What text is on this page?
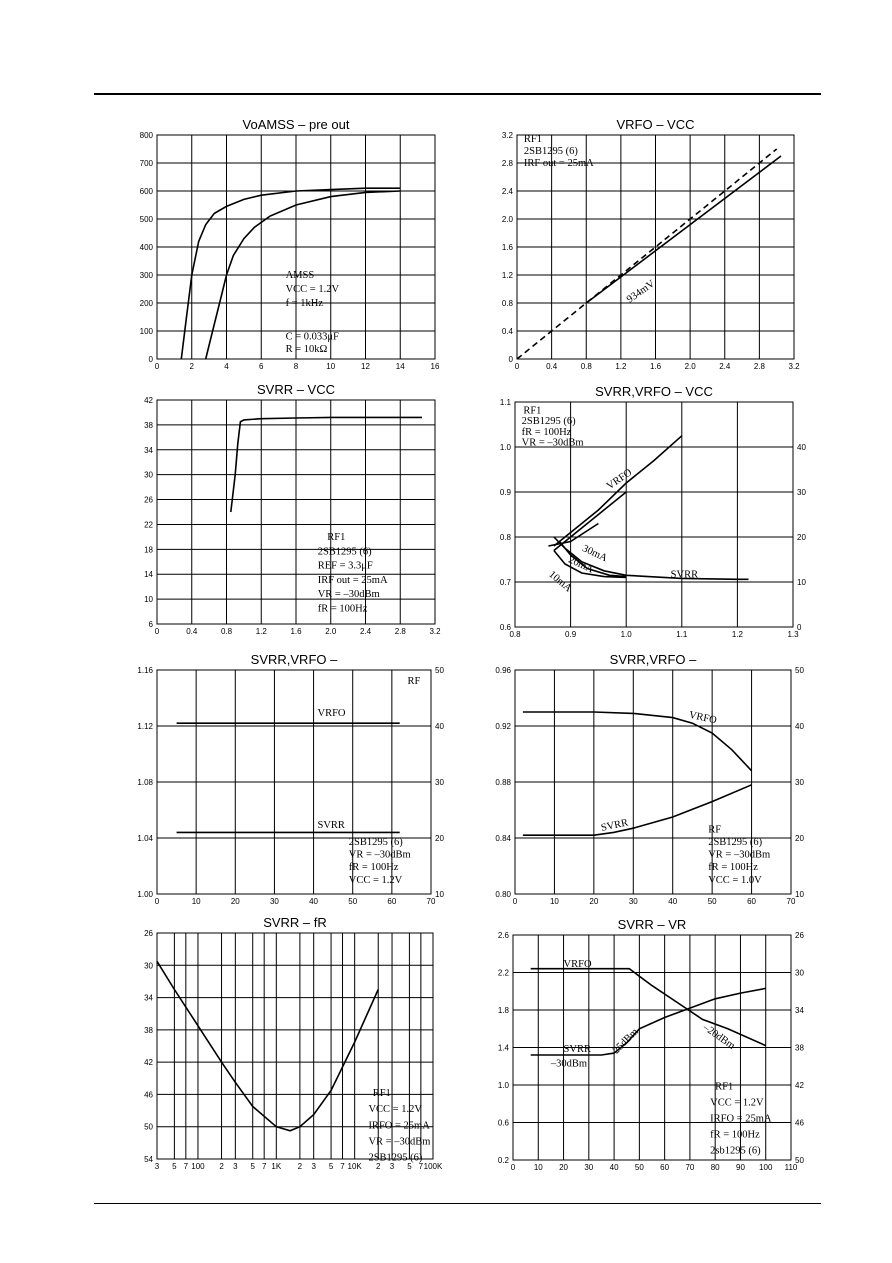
VoAMSS – pre out
0	2	4	6	8	10	12	14	16
0
100
200
300
400
500
600
700
800
AMSS
VCC = 1.2V
f = 1kHz
C = 0.033μF
R = 10kΩ
VRFO – VCC
0	0.4	0.8	1.2	1.6	2.0	2.4	2.8	3.2
0
0.4
0.8
1.2
1.6
2.0
2.4
2.8
3.2 RF1
2SB1295 (6)
IRF out = 25mA
934mV
SVRR – VCC
0	0.4	0.8	1.2	1.6	2.0	2.4	2.8	3.2
6
10
14
18
22
26
30
34
38
42
RF1
2SB1295 (6)
REF = 3.3μF
IRF out = 25mA
VR = –30dBm
fR = 100Hz
SVRR,VRFO – VCC
0.8	0.9	1.0	1.1	1.2	1.3
0.6
0.7
0.8
0.9
1.0
1.1
0
10
20
30
40
RF1
2SB1295 (6)
fR = 100Hz
VR = –30dBm
VRFO
30mA
20mA
10mA	SVRR
SVRR,VRFO –
0	10	20	30	40	50	60	70
1.00
1.04
1.08
1.12
1.16
10
20
30
40
50
RF
VRFO
SVRR
2SB1295 (6)
VR = –30dBm
fR = 100Hz
VCC = 1.2V
SVRR,VRFO –
0	10	20	30	40	50	60	70
0.80
0.84
0.88
0.92
0.96
10
20
30
40
50
VRFO
SVRR	RF
2SB1295 (6)
VR = –30dBm
fR = 100Hz
VCC = 1.0V
SVRR – fR
3 5 7 100 2 3 5 7 1K 2 3 5 7 10K 2 3 5 7 100K
26
30
34
38
42
46
50
54
RF1
VCC = 1.2V
IRFO = 25mA
VR = –30dBm
2SB1295 (6)
SVRR – VR
0 10 20 30 40 50 60 70 80 90 100 110
0.2
0.6
1.0
1.4
1.8
2.2
2.6	26
30
34
38
42
46
50
VRFO
SVRR
–30dBm
25dBm	–20dBm
RF1
VCC = 1.2V
IRFO = 25mA
fR = 100Hz
2sb1295 (6)
